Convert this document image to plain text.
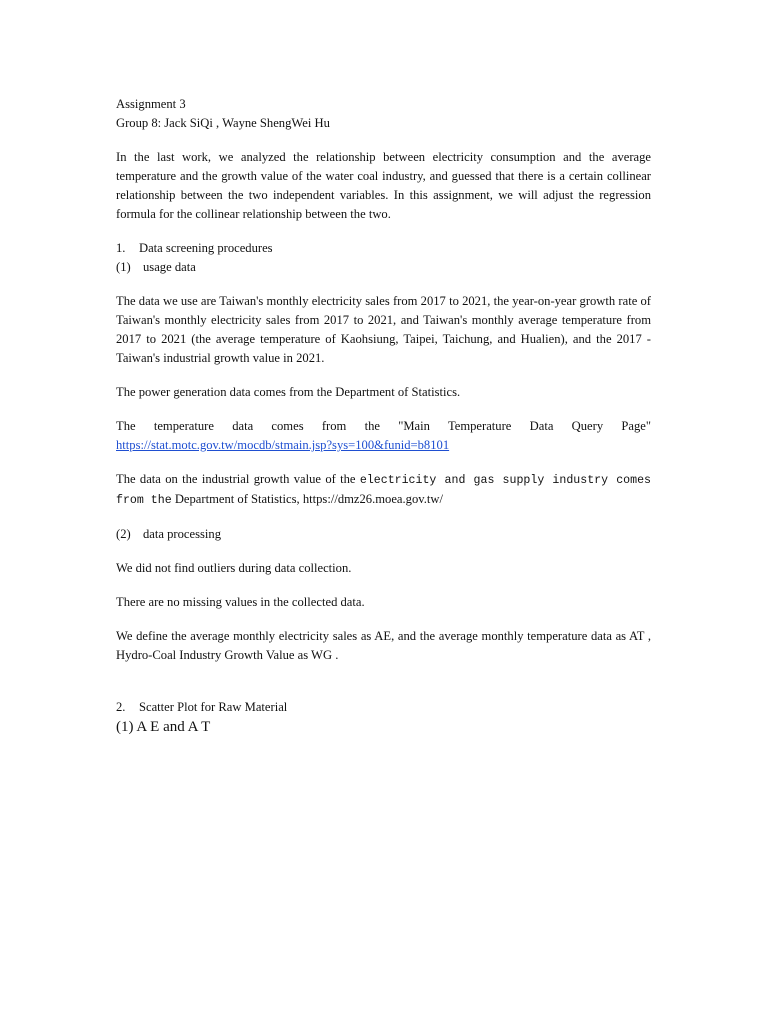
Assignment 3

Group 8: Jack SiQi , Wayne ShengWei Hu

In the last work, we analyzed the relationship between electricity consumption and the average temperature and the growth value of the water coal industry, and guessed that there is a certain collinear relationship between the two independent variables. In this assignment, we will adjust the regression formula for the collinear relationship between the two.

1. Data screening procedures

(1) usage data

The data we use are Taiwan's monthly electricity sales from 2017 to 2021, the year-on-year growth rate of Taiwan's monthly electricity sales from 2017 to 2021, and Taiwan's monthly average temperature from 2017 to 2021 (the average temperature of Kaohsiung, Taipei, Taichung, and Hualien), and the 2017 - Taiwan's industrial growth value in 2021.

The power generation data comes from the Department of Statistics.

The temperature data comes from the "Main Temperature Data Query Page"

https://stat.motc.gov.tw/mocdb/stmain.jsp?sys=100&funid=b8101

The data on the industrial growth value of the electricity and gas supply industry comes from the Department of Statistics, https://dmz26.moea.gov.tw/

(2) data processing

We did not find outliers during data collection.

There are no missing values in the collected data.

We define the average monthly electricity sales as AE, and the average monthly temperature data as AT , Hydro-Coal Industry Growth Value as WG .

2. Scatter Plot for Raw Material

(1) A E and A T
